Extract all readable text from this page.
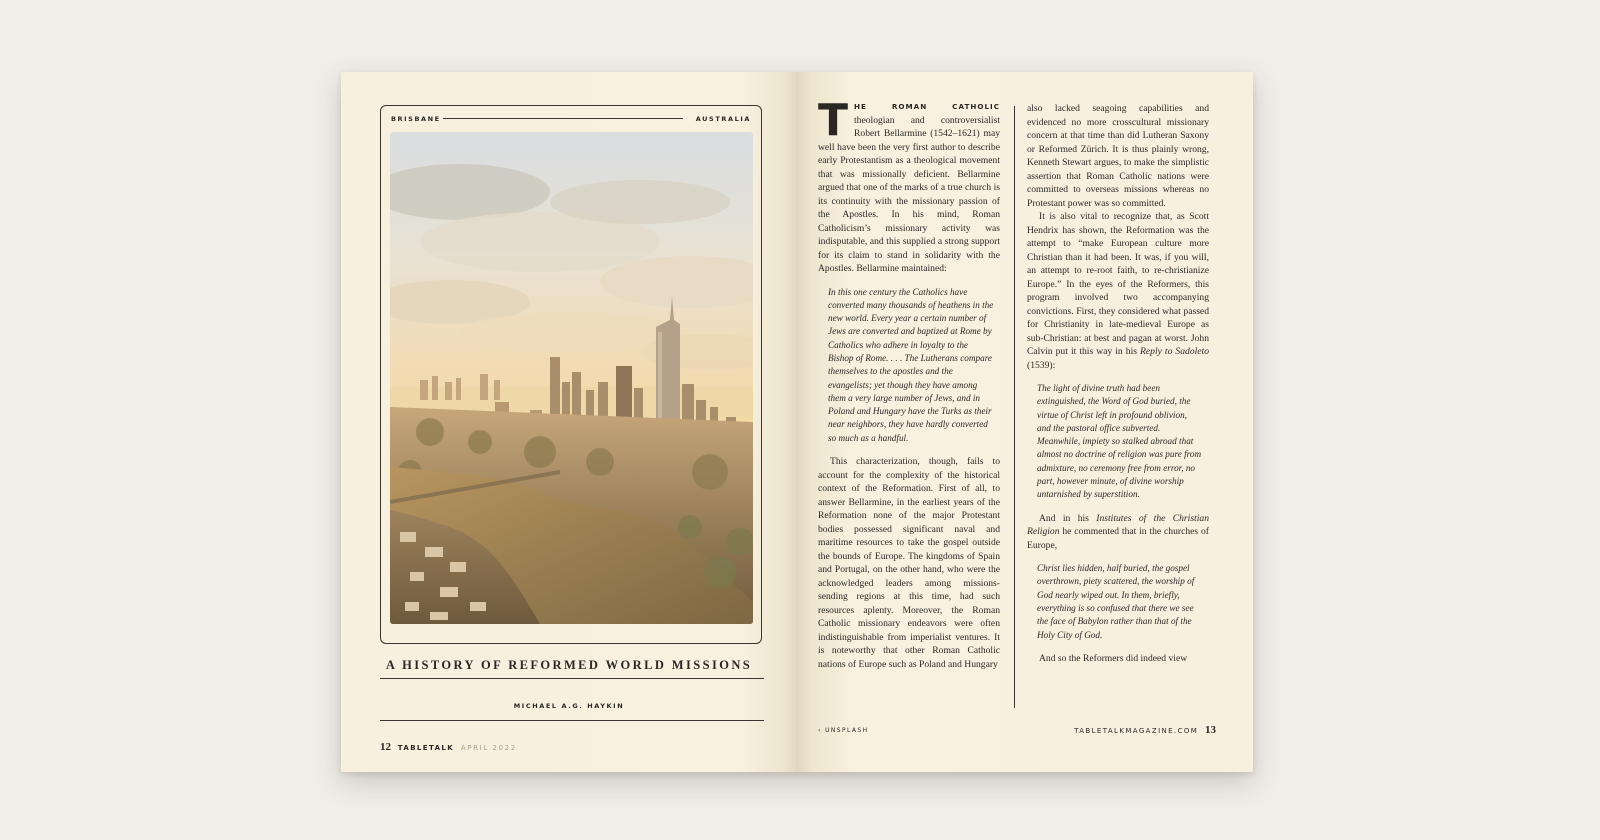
BRISBANE	AUSTRALIA
A HISTORY OF REFORMED WORLD MISSIONS
MICHAEL A.G. HAYKIN
12 TABLETALK APRIL 2022

THE ROMAN CATHOLIC theologian and controversialist Robert Bellarmine (1542–1621) may well have been the very first author to describe early Protestantism as a theological movement that was missionally deficient. Bellarmine argued that one of the marks of a true church is its continuity with the missionary passion of the Apostles. In his mind, Roman Catholicism’s missionary activity was indisputable, and this supplied a strong support for its claim to stand in solidarity with the Apostles. Bellarmine maintained:

In this one century the Catholics have converted many thousands of heathens in the new world. Every year a certain number of Jews are converted and baptized at Rome by Catholics who adhere in loyalty to the Bishop of Rome. . . . The Lutherans compare themselves to the apostles and the evangelists; yet though they have among them a very large number of Jews, and in Poland and Hungary have the Turks as their near neighbors, they have hardly converted so much as a handful.

This characterization, though, fails to account for the complexity of the historical context of the Reformation. First of all, to answer Bellarmine, in the earliest years of the Reformation none of the major Protestant bodies possessed significant naval and maritime resources to take the gospel outside the bounds of Europe. The kingdoms of Spain and Portugal, on the other hand, who were the acknowledged leaders among missions-sending regions at this time, had such resources aplenty. Moreover, the Roman Catholic missionary endeavors were often indistinguishable from imperialist ventures. It is noteworthy that other Roman Catholic nations of Europe such as Poland and Hungary

also lacked seagoing capabilities and evidenced no more crosscultural missionary concern at that time than did Lutheran Saxony or Reformed Zürich. It is thus plainly wrong, Kenneth Stewart argues, to make the simplistic assertion that Roman Catholic nations were committed to overseas missions whereas no Protestant power was so committed.

It is also vital to recognize that, as Scott Hendrix has shown, the Reformation was the attempt to “make European culture more Christian than it had been. It was, if you will, an attempt to re-root faith, to re-christianize Europe.” In the eyes of the Reformers, this program involved two accompanying convictions. First, they considered what passed for Christianity in late-medieval Europe as sub-Christian: at best and pagan at worst. John Calvin put it this way in his Reply to Sadoleto (1539):

The light of divine truth had been extinguished, the Word of God buried, the virtue of Christ left in profound oblivion, and the pastoral office subverted. Meanwhile, impiety so stalked abroad that almost no doctrine of religion was pure from admixture, no ceremony free from error, no part, however minute, of divine worship untarnished by superstition.

And in his Institutes of the Christian Religion he commented that in the churches of Europe,

Christ lies hidden, half buried, the gospel overthrown, piety scattered, the worship of God nearly wiped out. In them, briefly, everything is so confused that there we see the face of Babylon rather than that of the Holy City of God.

And so the Reformers did indeed view

‹ UNSPLASH	TABLETALKMAGAZINE.COM 13
